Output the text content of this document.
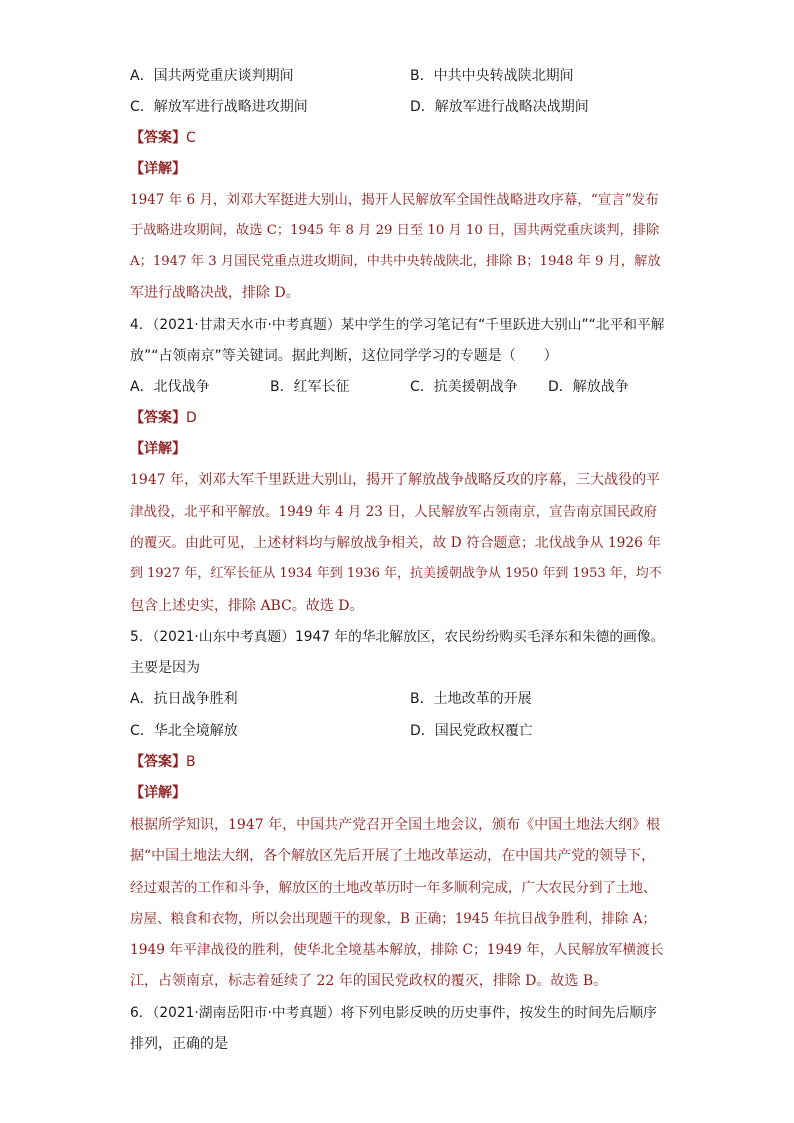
A．国共两党重庆谈判期间	B．中共中央转战陕北期间
C．解放军进行战略进攻期间	D．解放军进行战略决战期间
【答案】C
【详解】
1947 年 6 月，刘邓大军挺进大别山，揭开人民解放军全国性战略进攻序幕，“宣言”发布
于战略进攻期间，故选 C；1945 年 8 月 29 日至 10 月 10 日，国共两党重庆谈判，排除
A；1947 年 3 月国民党重点进攻期间，中共中央转战陕北，排除 B；1948 年 9 月，解放
军进行战略决战，排除 D。
4．（2021·甘肃天水市·中考真题）某中学生的学习笔记有“千里跃进大别山”“北平和平解
放”“占领南京”等关键词。据此判断，这位同学学习的专题是（　　）
A．北伐战争	B．红军长征	C．抗美援朝战争 D．解放战争
【答案】D
【详解】
1947 年，刘邓大军千里跃进大别山，揭开了解放战争战略反攻的序幕，三大战役的平
津战役，北平和平解放。1949 年 4 月 23 日，人民解放军占领南京，宣告南京国民政府
的覆灭。由此可见，上述材料均与解放战争相关，故 D 符合题意；北伐战争从 1926 年
到 1927 年，红军长征从 1934 年到 1936 年，抗美援朝战争从 1950 年到 1953 年，均不
包含上述史实，排除 ABC。故选 D。
5．（2021·山东中考真题）1947 年的华北解放区，农民纷纷购买毛泽东和朱德的画像。
主要是因为
A．抗日战争胜利	B．土地改革的开展
C．华北全境解放	D．国民党政权覆亡
【答案】B
【详解】
根据所学知识，1947 年，中国共产党召开全国土地会议，颁布《中国土地法大纲》根
据“中国土地法大纲，各个解放区先后开展了土地改革运动，在中国共产党的领导下，
经过艰苦的工作和斗争，解放区的土地改革历时一年多顺利完成，广大农民分到了土地、
房屋、粮食和衣物，所以会出现题干的现象，B 正确；1945 年抗日战争胜利，排除 A；
1949 年平津战役的胜利，使华北全境基本解放，排除 C；1949 年，人民解放军横渡长
江，占领南京，标志着延续了 22 年的国民党政权的覆灭，排除 D。故选 B。
6．（2021·湖南岳阳市·中考真题）将下列电影反映的历史事件，按发生的时间先后顺序
排列，正确的是
